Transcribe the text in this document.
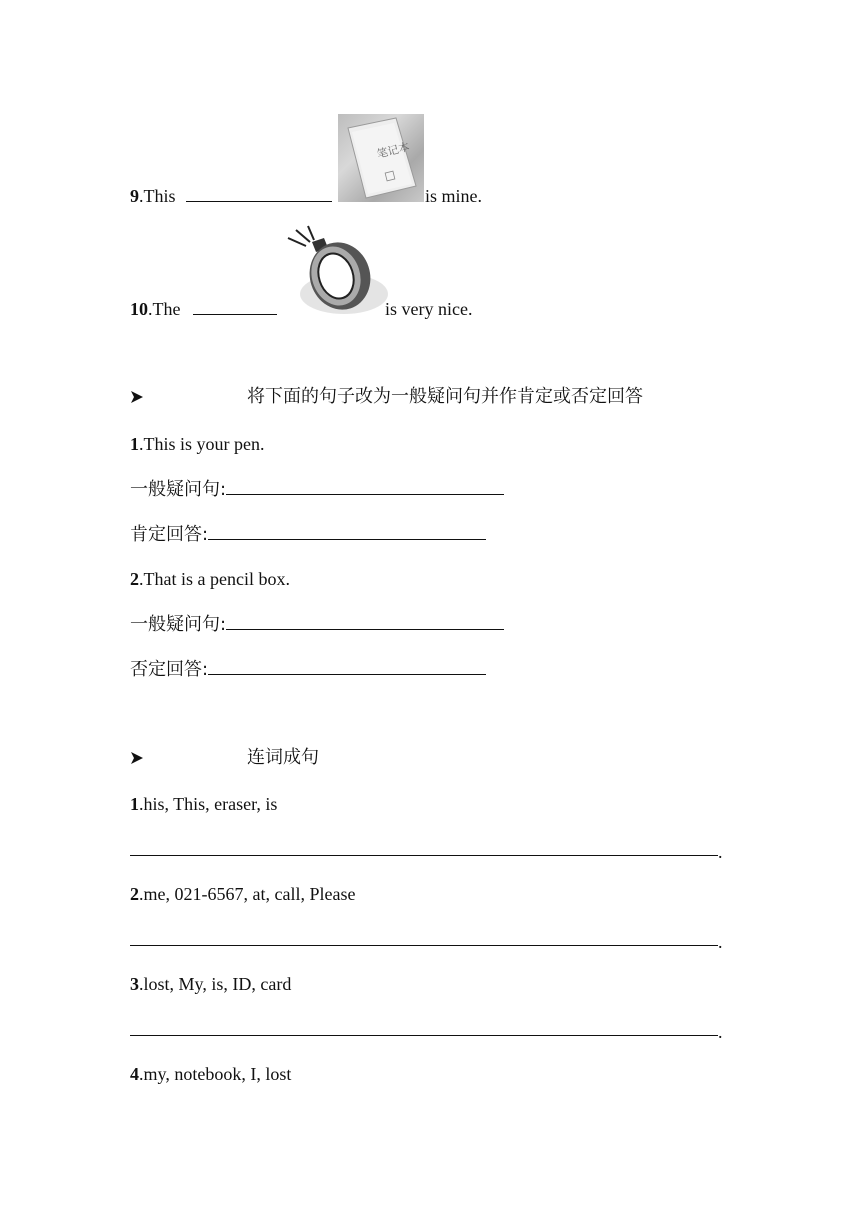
9.This
笔记本
is mine.
10.The	is very nice.
将下面的句子改为一般疑问句并作肯定或否定回答
1.This is your pen.
一般疑问句:
肯定回答:
2.That is a pencil box.
一般疑问句:
否定回答:
连词成句
1.his, This, eraser, is
.
2.me, 021-6567, at, call, Please
.
3.lost, My, is, ID, card
.
4.my, notebook, I, lost
